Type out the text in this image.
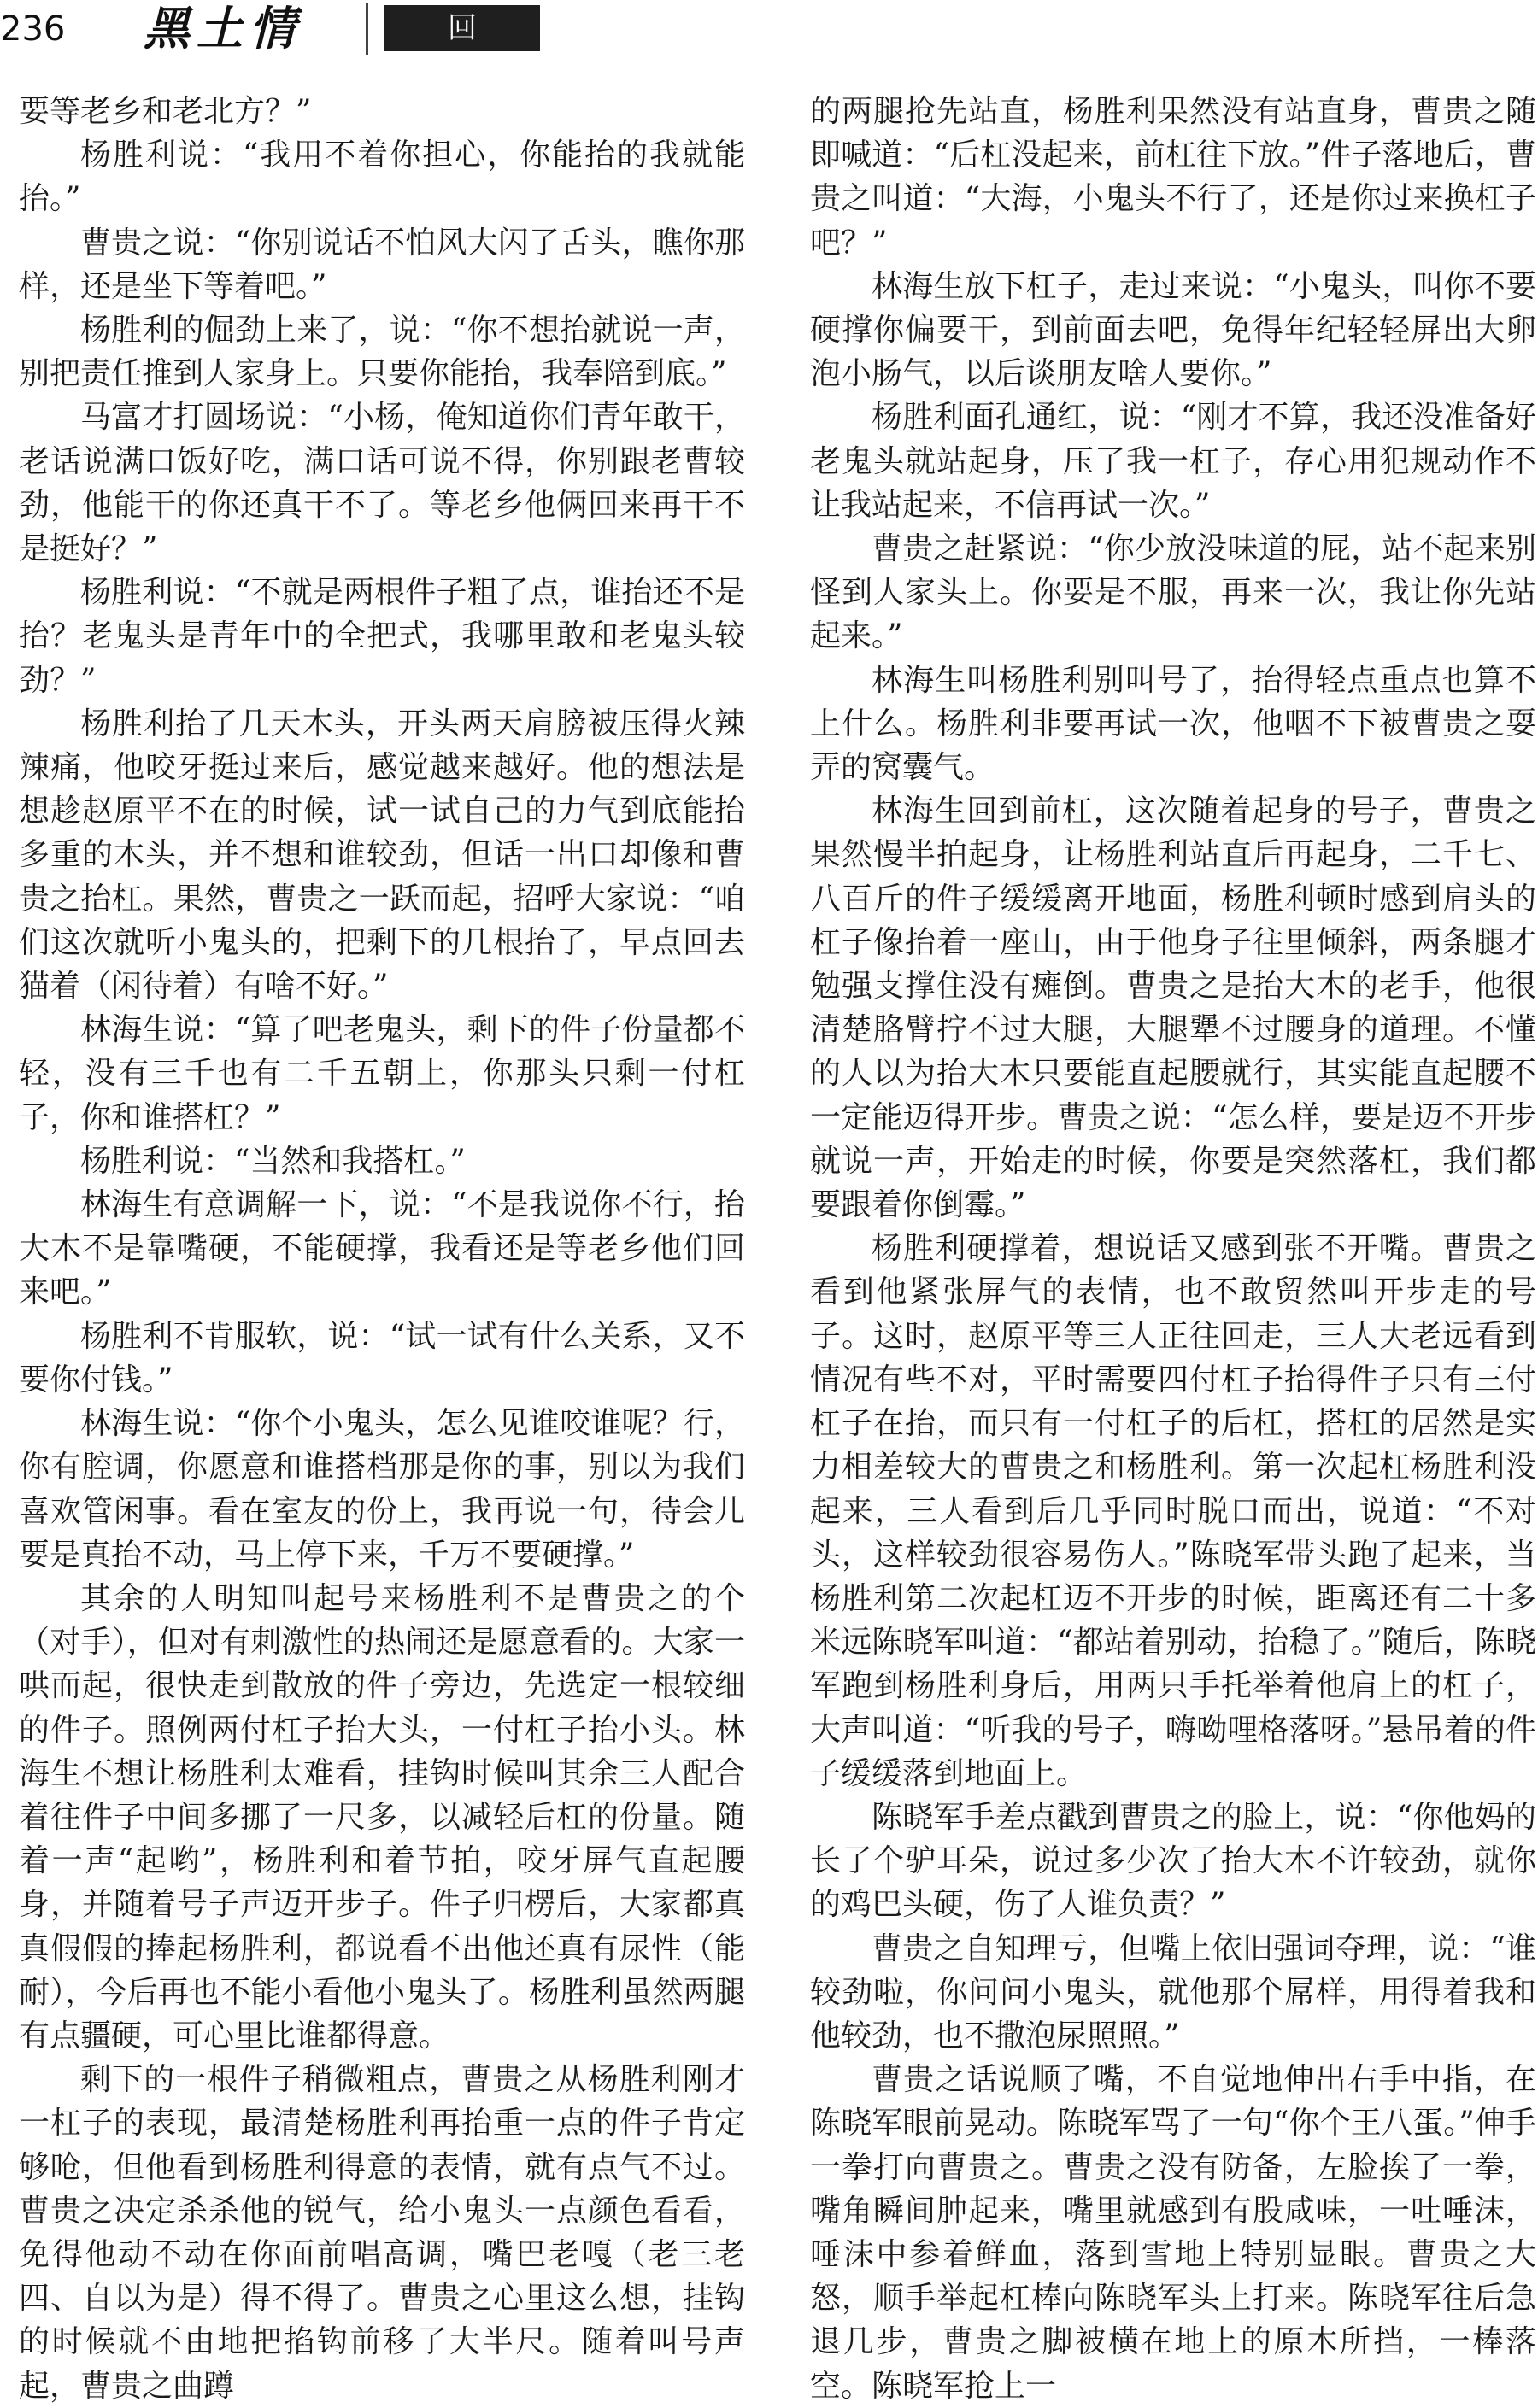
236 黑土情	回家

要等老乡和老北方？”

杨胜利说：“我用不着你担心，你能抬的我就能抬。”

曹贵之说：“你别说话不怕风大闪了舌头，瞧你那样，还是坐下等着吧。”

杨胜利的倔劲上来了，说：“你不想抬就说一声，别把责任推到人家身上。只要你能抬，我奉陪到底。”

马富才打圆场说：“小杨，俺知道你们青年敢干，老话说满口饭好吃，满口话可说不得，你别跟老曹较劲，他能干的你还真干不了。等老乡他俩回来再干不是挺好？”

杨胜利说：“不就是两根件子粗了点，谁抬还不是抬？老鬼头是青年中的全把式，我哪里敢和老鬼头较劲？”

杨胜利抬了几天木头，开头两天肩膀被压得火辣辣痛，他咬牙挺过来后，感觉越来越好。他的想法是想趁赵原平不在的时候，试一试自己的力气到底能抬多重的木头，并不想和谁较劲，但话一出口却像和曹贵之抬杠。果然，曹贵之一跃而起，招呼大家说：“咱们这次就听小鬼头的，把剩下的几根抬了，早点回去猫着（闲待着）有啥不好。”

林海生说：“算了吧老鬼头，剩下的件子份量都不轻，没有三千也有二千五朝上，你那头只剩一付杠子，你和谁搭杠？”

杨胜利说：“当然和我搭杠。”

林海生有意调解一下，说：“不是我说你不行，抬大木不是靠嘴硬，不能硬撑，我看还是等老乡他们回来吧。”

杨胜利不肯服软，说：“试一试有什么关系，又不要你付钱。”

林海生说：“你个小鬼头，怎么见谁咬谁呢？行，你有腔调，你愿意和谁搭档那是你的事，别以为我们喜欢管闲事。看在室友的份上，我再说一句，待会儿要是真抬不动，马上停下来，千万不要硬撑。”

其余的人明知叫起号来杨胜利不是曹贵之的个（对手），但对有刺激性的热闹还是愿意看的。大家一哄而起，很快走到散放的件子旁边，先选定一根较细的件子。照例两付杠子抬大头，一付杠子抬小头。林海生不想让杨胜利太难看，挂钩时候叫其余三人配合着往件子中间多挪了一尺多，以减轻后杠的份量。随着一声“起哟”，杨胜利和着节拍，咬牙屏气直起腰身，并随着号子声迈开步子。件子归楞后，大家都真真假假的捧起杨胜利，都说看不出他还真有尿性（能耐），今后再也不能小看他小鬼头了。杨胜利虽然两腿有点疆硬，可心里比谁都得意。

剩下的一根件子稍微粗点，曹贵之从杨胜利刚才一杠子的表现，最清楚杨胜利再抬重一点的件子肯定够呛，但他看到杨胜利得意的表情，就有点气不过。曹贵之决定杀杀他的锐气，给小鬼头一点颜色看看，免得他动不动在你面前唱高调，嘴巴老嘎（老三老四、自以为是）得不得了。曹贵之心里这么想，挂钩的时候就不由地把掐钩前移了大半尺。随着叫号声起，曹贵之曲蹲

的两腿抢先站直，杨胜利果然没有站直身，曹贵之随即喊道：“后杠没起来，前杠往下放。”件子落地后，曹贵之叫道：“大海，小鬼头不行了，还是你过来换杠子吧？”

林海生放下杠子，走过来说：“小鬼头，叫你不要硬撑你偏要干，到前面去吧，免得年纪轻轻屏出大卵泡小肠气，以后谈朋友啥人要你。”

杨胜利面孔通红，说：“刚才不算，我还没准备好老鬼头就站起身，压了我一杠子，存心用犯规动作不让我站起来，不信再试一次。”

曹贵之赶紧说：“你少放没味道的屁，站不起来别怪到人家头上。你要是不服，再来一次，我让你先站起来。”

林海生叫杨胜利别叫号了，抬得轻点重点也算不上什么。杨胜利非要再试一次，他咽不下被曹贵之耍弄的窝囊气。

林海生回到前杠，这次随着起身的号子，曹贵之果然慢半拍起身，让杨胜利站直后再起身，二千七、八百斤的件子缓缓离开地面，杨胜利顿时感到肩头的杠子像抬着一座山，由于他身子往里倾斜，两条腿才勉强支撑住没有瘫倒。曹贵之是抬大木的老手，他很清楚胳臂拧不过大腿，大腿犟不过腰身的道理。不懂的人以为抬大木只要能直起腰就行，其实能直起腰不一定能迈得开步。曹贵之说：“怎么样，要是迈不开步就说一声，开始走的时候，你要是突然落杠，我们都要跟着你倒霉。”

杨胜利硬撑着，想说话又感到张不开嘴。曹贵之看到他紧张屏气的表情，也不敢贸然叫开步走的号子。这时，赵原平等三人正往回走，三人大老远看到情况有些不对，平时需要四付杠子抬得件子只有三付杠子在抬，而只有一付杠子的后杠，搭杠的居然是实力相差较大的曹贵之和杨胜利。第一次起杠杨胜利没起来，三人看到后几乎同时脱口而出，说道：“不对头，这样较劲很容易伤人。”陈晓军带头跑了起来，当杨胜利第二次起杠迈不开步的时候，距离还有二十多米远陈晓军叫道：“都站着别动，抬稳了。”随后，陈晓军跑到杨胜利身后，用两只手托举着他肩上的杠子，大声叫道：“听我的号子，嗨呦哩格落呀。”悬吊着的件子缓缓落到地面上。

陈晓军手差点戳到曹贵之的脸上，说：“你他妈的长了个驴耳朵，说过多少次了抬大木不许较劲，就你的鸡巴头硬，伤了人谁负责？”

曹贵之自知理亏，但嘴上依旧强词夺理，说：“谁较劲啦，你问问小鬼头，就他那个屌样，用得着我和他较劲，也不撒泡尿照照。”

曹贵之话说顺了嘴，不自觉地伸出右手中指，在陈晓军眼前晃动。陈晓军骂了一句“你个王八蛋。”伸手一拳打向曹贵之。曹贵之没有防备，左脸挨了一拳，嘴角瞬间肿起来，嘴里就感到有股咸味，一吐唾沫，唾沫中参着鲜血，落到雪地上特别显眼。曹贵之大怒，顺手举起杠棒向陈晓军头上打来。陈晓军往后急退几步，曹贵之脚被横在地上的原木所挡，一棒落空。陈晓军抢上一
